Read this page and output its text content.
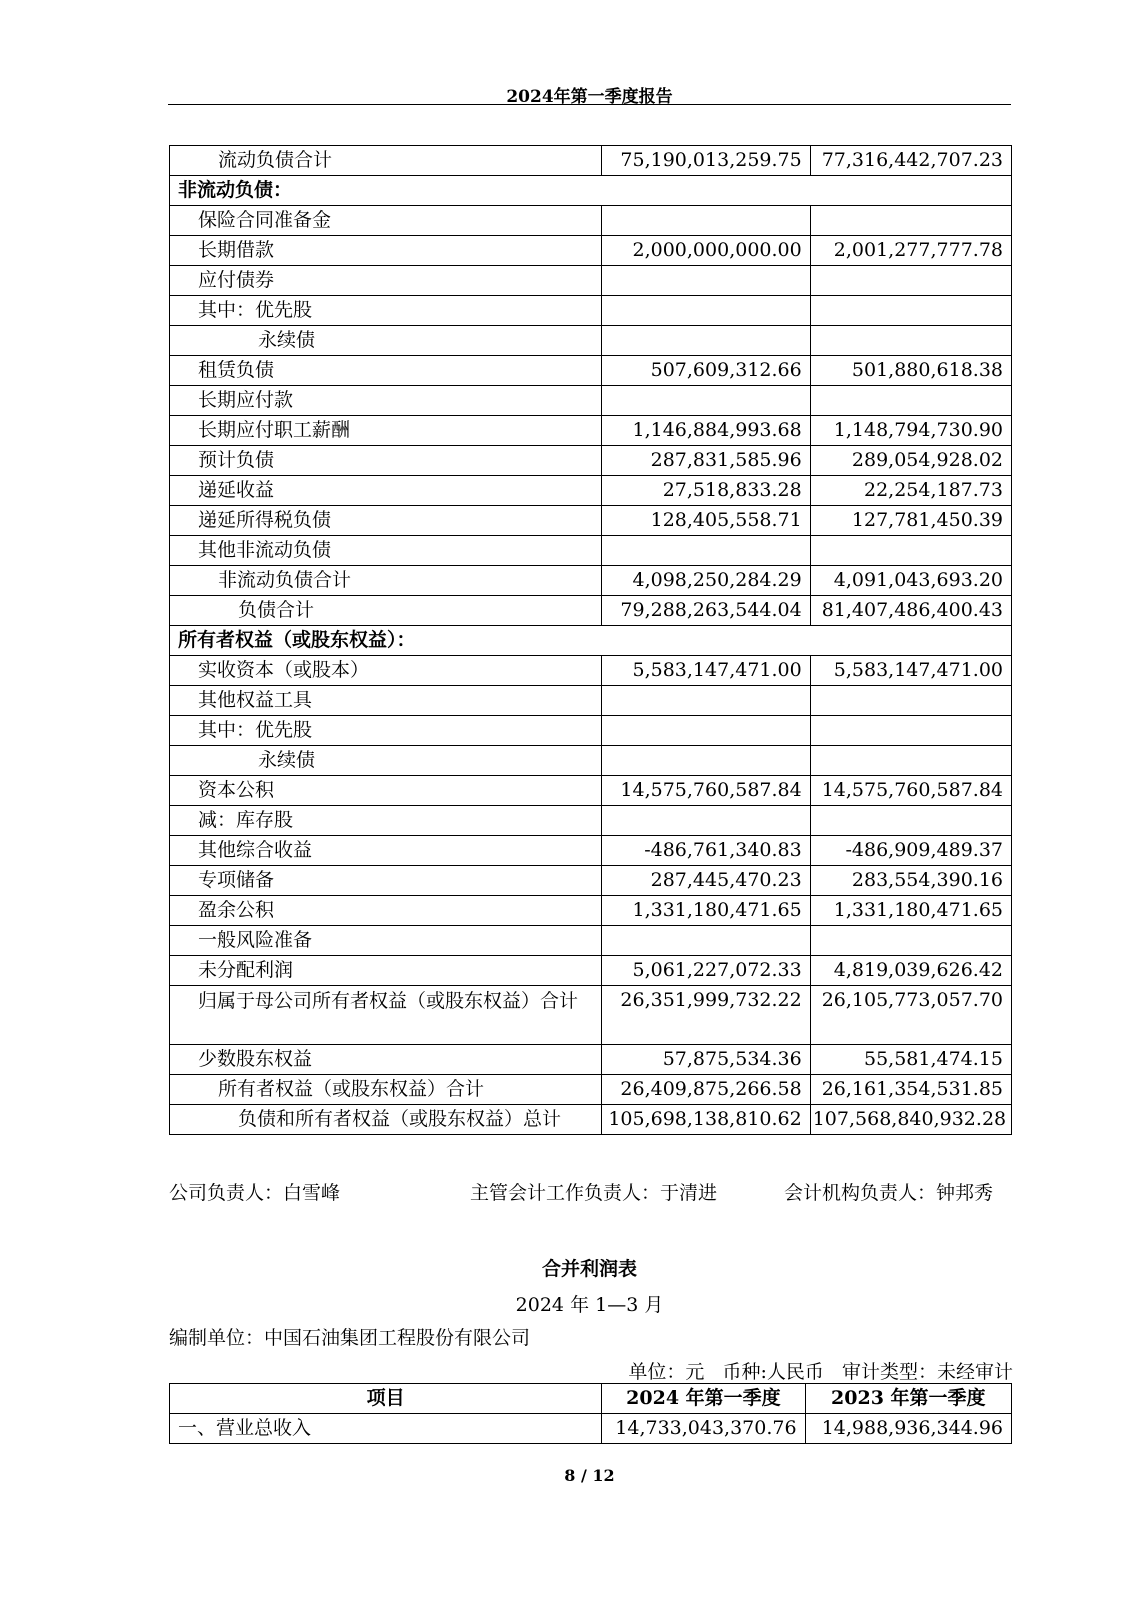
2024年第一季度报告
流动负债合计	75,190,013,259.75	77,316,442,707.23
非流动负债：		
保险合同准备金		
长期借款	2,000,000,000.00	2,001,277,777.78
应付债券		
其中：优先股		
永续债		
租赁负债	507,609,312.66	501,880,618.38
长期应付款		
长期应付职工薪酬	1,146,884,993.68	1,148,794,730.90
预计负债	287,831,585.96	289,054,928.02
递延收益	27,518,833.28	22,254,187.73
递延所得税负债	128,405,558.71	127,781,450.39
其他非流动负债		
非流动负债合计	4,098,250,284.29	4,091,043,693.20
负债合计	79,288,263,544.04	81,407,486,400.43
所有者权益（或股东权益）：		
实收资本（或股本）	5,583,147,471.00	5,583,147,471.00
其他权益工具		
其中：优先股		
永续债		
资本公积	14,575,760,587.84	14,575,760,587.84
减：库存股		
其他综合收益	-486,761,340.83	-486,909,489.37
专项储备	287,445,470.23	283,554,390.16
盈余公积	1,331,180,471.65	1,331,180,471.65
一般风险准备		
未分配利润	5,061,227,072.33	4,819,039,626.42
归属于母公司所有者权益（或股东权益）合计	26,351,999,732.22	26,105,773,057.70
少数股东权益	57,875,534.36	55,581,474.15
所有者权益（或股东权益）合计	26,409,875,266.58	26,161,354,531.85
负债和所有者权益（或股东权益）总计	105,698,138,810.62	107,568,840,932.28
公司负责人：白雪峰	主管会计工作负责人：于清进	会计机构负责人：钟邦秀
合并利润表
2024 年 1—3 月
编制单位：中国石油集团工程股份有限公司
单位：元 币种:人民币 审计类型：未经审计
项目	2024 年第一季度	2023 年第一季度
一、营业总收入	14,733,043,370.76	14,988,936,344.96
8 / 12
